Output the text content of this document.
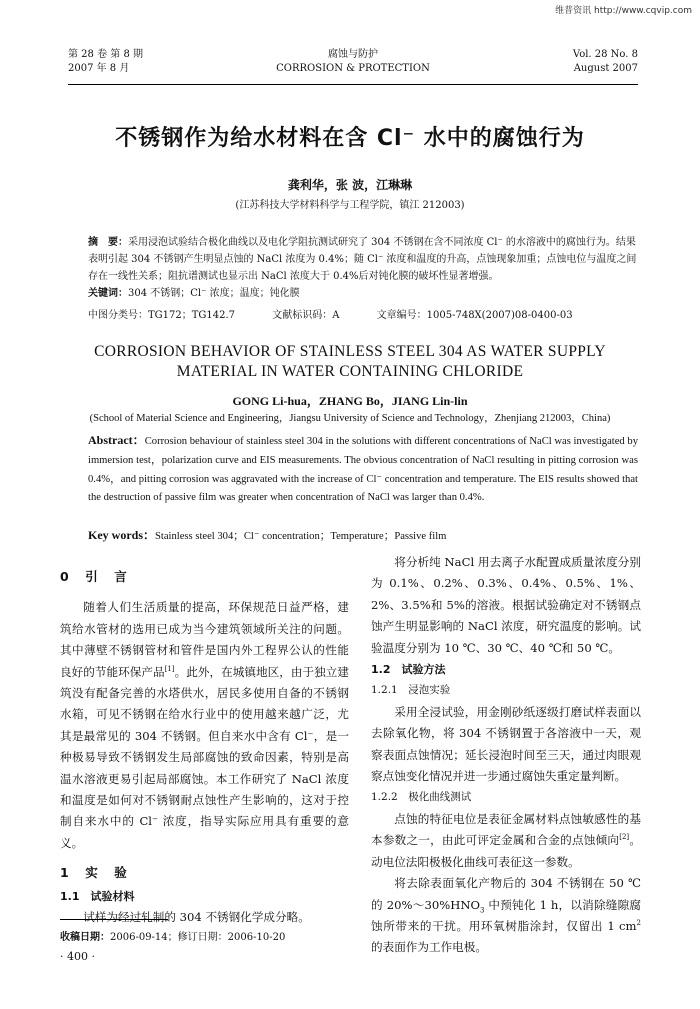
维普资讯 http://www.cqvip.com
第 28 卷 第 8 期
2007 年 8 月
腐蚀与防护
CORROSION & PROTECTION
Vol. 28 No. 8
August 2007
不锈钢作为给水材料在含 Cl⁻ 水中的腐蚀行为
龚利华，张 波，江琳琳
(江苏科技大学材料科学与工程学院，镇江 212003)
摘　要：采用浸泡试验结合极化曲线以及电化学阻抗测试研究了 304 不锈钢在含不同浓度 Cl⁻ 的水溶液中的腐蚀行为。结果表明引起 304 不锈钢产生明显点蚀的 NaCl 浓度为 0.4%；随 Cl⁻ 浓度和温度的升高，点蚀现象加重；点蚀电位与温度之间存在一线性关系；阻抗谱测试也显示出 NaCl 浓度大于 0.4%后对钝化膜的破坏性显著增强。
关键词：304 不锈钢；Cl⁻ 浓度；温度；钝化膜
中图分类号：TG172；TG142.7	文献标识码：A	文章编号：1005-748X(2007)08-0400-03
CORROSION BEHAVIOR OF STAINLESS STEEL 304 AS WATER SUPPLY
MATERIAL IN WATER CONTAINING CHLORIDE
GONG Li-hua，ZHANG Bo，JIANG Lin-lin
(School of Material Science and Engineering，Jiangsu University of Science and Technology，Zhenjiang 212003，China)
Abstract：Corrosion behaviour of stainless steel 304 in the solutions with different concentrations of NaCl was investigated by immersion test，polarization curve and EIS measurements. The obvious concentration of NaCl resulting in pitting corrosion was 0.4%，and pitting corrosion was aggravated with the increase of Cl⁻ concentration and temperature. The EIS results showed that the destruction of passive film was greater when concentration of NaCl was larger than 0.4%.
Key words：Stainless steel 304；Cl⁻ concentration；Temperature；Passive film
0　引　言

随着人们生活质量的提高，环保规范日益严格，建筑给水管材的选用已成为当今建筑领域所关注的问题。其中薄壁不锈钢管材和管件是国内外工程界公认的性能良好的节能环保产品[1]。此外，在城镇地区，由于独立建筑没有配备完善的水塔供水，居民多使用自备的不锈钢水箱，可见不锈钢在给水行业中的使用越来越广泛，尤其是最常见的 304 不锈钢。但自来水中含有 Cl⁻，是一种极易导致不锈钢发生局部腐蚀的致命因素，特别是高温水溶液更易引起局部腐蚀。本工作研究了 NaCl 浓度和温度是如何对不锈钢耐点蚀性产生影响的，这对于控制自来水中的 Cl⁻ 浓度，指导实际应用具有重要的意义。

1　实　验
1.1　试验材料

试样为经过轧制的 304 不锈钢化学成分略。

将分析纯 NaCl 用去离子水配置成质量浓度分别为 0.1%、0.2%、0.3%、0.4%、0.5%、1%、2%、3.5%和 5%的溶液。根据试验确定对不锈钢点蚀产生明显影响的 NaCl 浓度，研究温度的影响。试验温度分别为 10 ℃、30 ℃、40 ℃和 50 ℃。

1.2　试验方法
1.2.1　浸泡实验

采用全浸试验，用金刚砂纸逐级打磨试样表面以去除氧化物，将 304 不锈钢置于各溶液中一天，观察表面点蚀情况；延长浸泡时间至三天，通过肉眼观察点蚀变化情况并进一步通过腐蚀失重定量判断。

1.2.2　极化曲线测试

点蚀的特征电位是表征金属材料点蚀敏感性的基本参数之一，由此可评定金属和合金的点蚀倾向[2]。动电位法阳极极化曲线可表征这一参数。

将去除表面氧化产物后的 304 不锈钢在 50 ℃的 $20\%\sim 30\%HNO_3$ 中预钝化 1 h，以消除缝隙腐蚀所带来的干扰。用环氧树脂涂封，仅留出 1 $cm^2$ 的表面作为工作电极。

收稿日期：2006-09-14；修订日期：2006-10-20
· 400 ·
